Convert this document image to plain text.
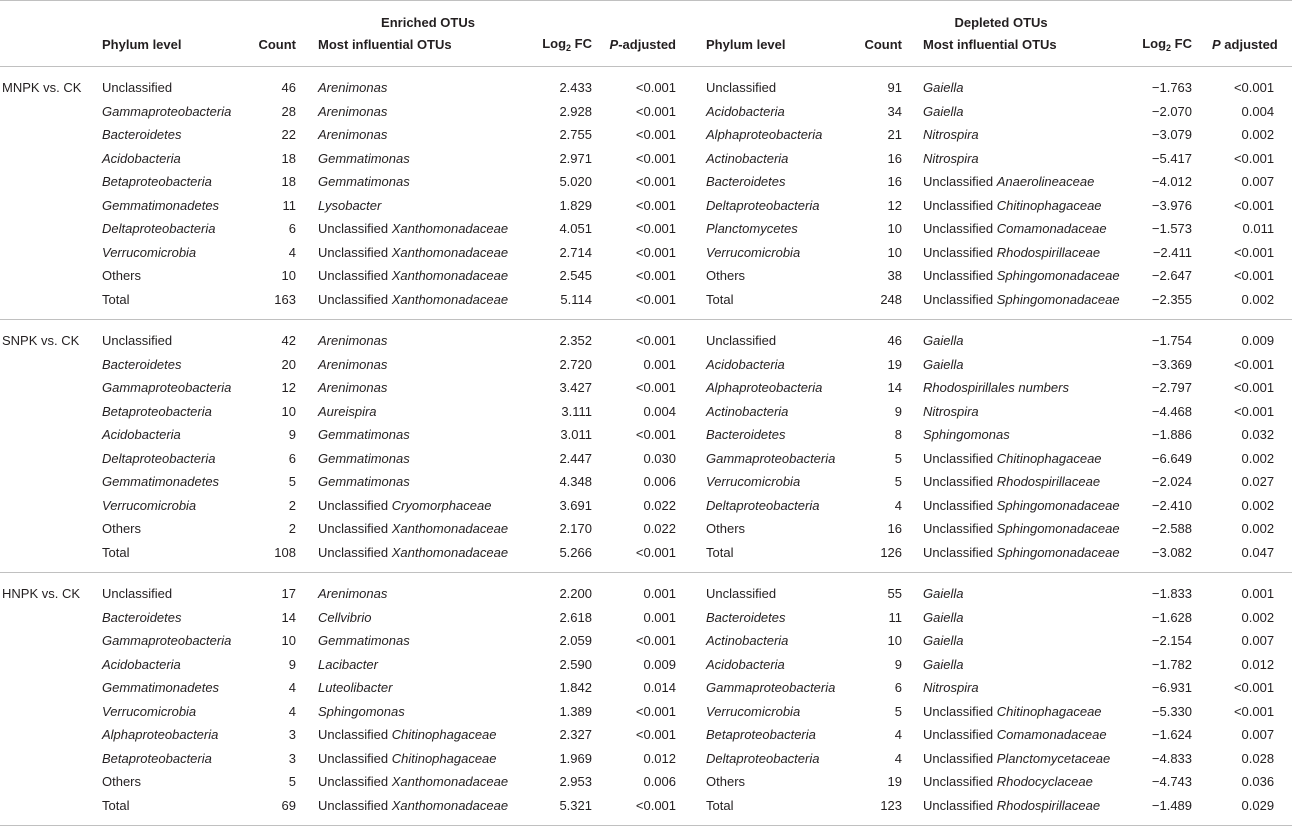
	Enriched OTUs					Depleted OTUs				
	Phylum level	Count	Most influential OTUs	Log$_2$ FC	P-adjusted	Phylum level	Count	Most influential OTUs	Log$_2$ FC	P adjusted
MNPK vs. CK	Unclassified	46	Arenimonas	2.433	<0.001	Unclassified	91	Gaiella	−1.763	<0.001
	Gammaproteobacteria	28	Arenimonas	2.928	<0.001	Acidobacteria	34	Gaiella	−2.070	0.004
	Bacteroidetes	22	Arenimonas	2.755	<0.001	Alphaproteobacteria	21	Nitrospira	−3.079	0.002
	Acidobacteria	18	Gemmatimonas	2.971	<0.001	Actinobacteria	16	Nitrospira	−5.417	<0.001
	Betaproteobacteria	18	Gemmatimonas	5.020	<0.001	Bacteroidetes	16	Unclassified Anaerolineaceae	−4.012	0.007
	Gemmatimonadetes	11	Lysobacter	1.829	<0.001	Deltaproteobacteria	12	Unclassified Chitinophagaceae	−3.976	<0.001
	Deltaproteobacteria	6	Unclassified Xanthomonadaceae	4.051	<0.001	Planctomycetes	10	Unclassified Comamonadaceae	−1.573	0.011
	Verrucomicrobia	4	Unclassified Xanthomonadaceae	2.714	<0.001	Verrucomicrobia	10	Unclassified Rhodospirillaceae	−2.411	<0.001
	Others	10	Unclassified Xanthomonadaceae	2.545	<0.001	Others	38	Unclassified Sphingomonadaceae	−2.647	<0.001
	Total	163	Unclassified Xanthomonadaceae	5.114	<0.001	Total	248	Unclassified Sphingomonadaceae	−2.355	0.002
SNPK vs. CK	Unclassified	42	Arenimonas	2.352	<0.001	Unclassified	46	Gaiella	−1.754	0.009
	Bacteroidetes	20	Arenimonas	2.720	0.001	Acidobacteria	19	Gaiella	−3.369	<0.001
	Gammaproteobacteria	12	Arenimonas	3.427	<0.001	Alphaproteobacteria	14	Rhodospirillales numbers	−2.797	<0.001
	Betaproteobacteria	10	Aureispira	3.111	0.004	Actinobacteria	9	Nitrospira	−4.468	<0.001
	Acidobacteria	9	Gemmatimonas	3.011	<0.001	Bacteroidetes	8	Sphingomonas	−1.886	0.032
	Deltaproteobacteria	6	Gemmatimonas	2.447	0.030	Gammaproteobacteria	5	Unclassified Chitinophagaceae	−6.649	0.002
	Gemmatimonadetes	5	Gemmatimonas	4.348	0.006	Verrucomicrobia	5	Unclassified Rhodospirillaceae	−2.024	0.027
	Verrucomicrobia	2	Unclassified Cryomorphaceae	3.691	0.022	Deltaproteobacteria	4	Unclassified Sphingomonadaceae	−2.410	0.002
	Others	2	Unclassified Xanthomonadaceae	2.170	0.022	Others	16	Unclassified Sphingomonadaceae	−2.588	0.002
	Total	108	Unclassified Xanthomonadaceae	5.266	<0.001	Total	126	Unclassified Sphingomonadaceae	−3.082	0.047
HNPK vs. CK	Unclassified	17	Arenimonas	2.200	0.001	Unclassified	55	Gaiella	−1.833	0.001
	Bacteroidetes	14	Cellvibrio	2.618	0.001	Bacteroidetes	11	Gaiella	−1.628	0.002
	Gammaproteobacteria	10	Gemmatimonas	2.059	<0.001	Actinobacteria	10	Gaiella	−2.154	0.007
	Acidobacteria	9	Lacibacter	2.590	0.009	Acidobacteria	9	Gaiella	−1.782	0.012
	Gemmatimonadetes	4	Luteolibacter	1.842	0.014	Gammaproteobacteria	6	Nitrospira	−6.931	<0.001
	Verrucomicrobia	4	Sphingomonas	1.389	<0.001	Verrucomicrobia	5	Unclassified Chitinophagaceae	−5.330	<0.001
	Alphaproteobacteria	3	Unclassified Chitinophagaceae	2.327	<0.001	Betaproteobacteria	4	Unclassified Comamonadaceae	−1.624	0.007
	Betaproteobacteria	3	Unclassified Chitinophagaceae	1.969	0.012	Deltaproteobacteria	4	Unclassified Planctomycetaceae	−4.833	0.028
	Others	5	Unclassified Xanthomonadaceae	2.953	0.006	Others	19	Unclassified Rhodocyclaceae	−4.743	0.036
	Total	69	Unclassified Xanthomonadaceae	5.321	<0.001	Total	123	Unclassified Rhodospirillaceae	−1.489	0.029
